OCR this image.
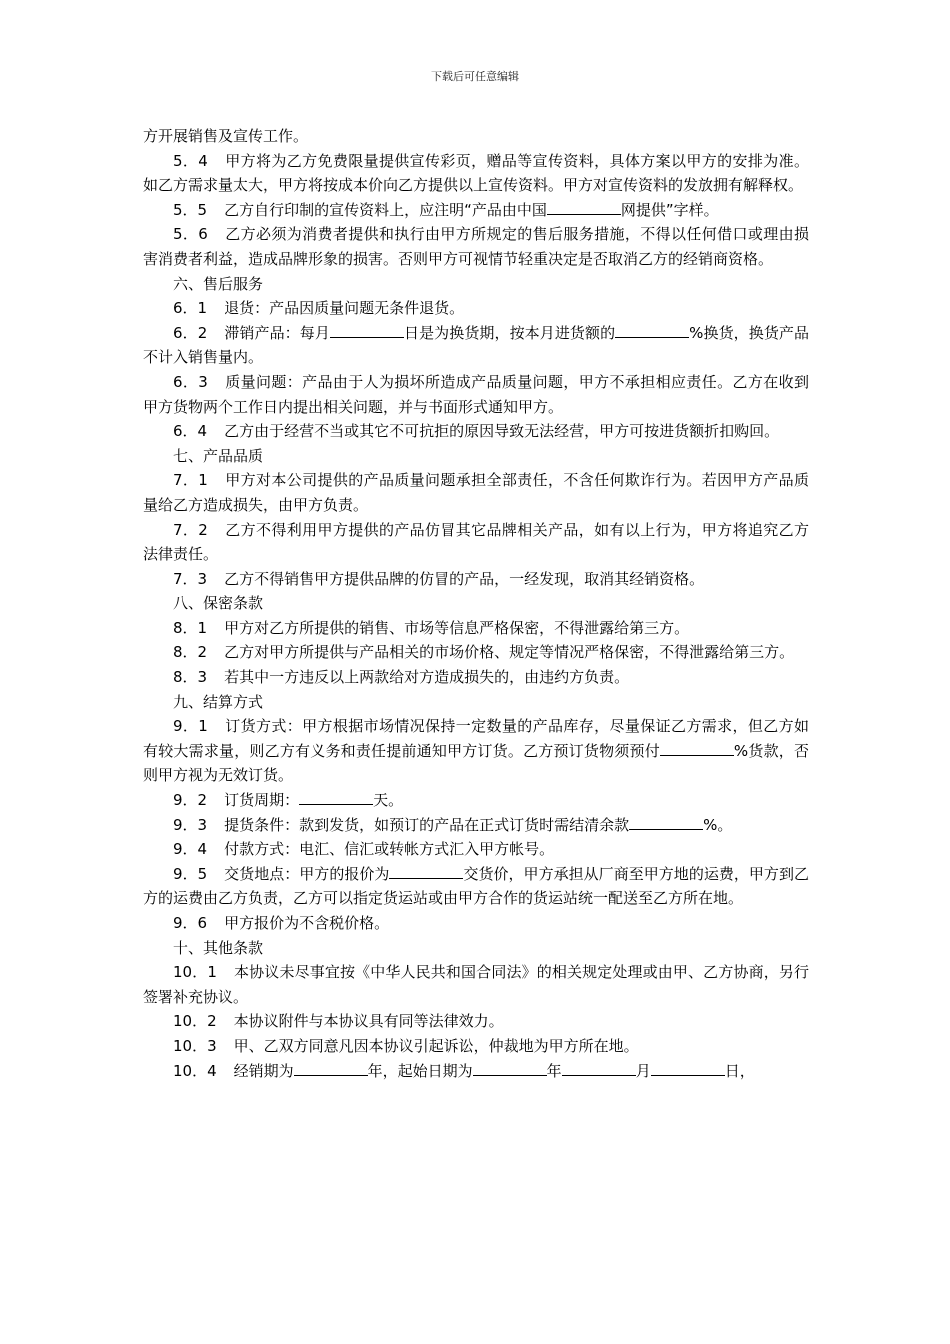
下载后可任意编辑

方开展销售及宣传工作。

5．4 甲方将为乙方免费限量提供宣传彩页，赠品等宣传资料，具体方案以甲方的安排为准。如乙方需求量太大，甲方将按成本价向乙方提供以上宣传资料。甲方对宣传资料的发放拥有解释权。

5．5 乙方自行印制的宣传资料上，应注明“产品由中国	网提供”字样。

5．6 乙方必须为消费者提供和执行由甲方所规定的售后服务措施，不得以任何借口或理由损害消费者利益，造成品牌形象的损害。否则甲方可视情节轻重决定是否取消乙方的经销商资格。

六、售后服务

6．1 退货：产品因质量问题无条件退货。

6．2 滞销产品：每月	日是为换货期，按本月进货额的	%换货，换货产品不计入销售量内。

6．3 质量问题：产品由于人为损坏所造成产品质量问题，甲方不承担相应责任。乙方在收到甲方货物两个工作日内提出相关问题，并与书面形式通知甲方。

6．4 乙方由于经营不当或其它不可抗拒的原因导致无法经营，甲方可按进货额折扣购回。

七、产品品质

7．1 甲方对本公司提供的产品质量问题承担全部责任，不含任何欺诈行为。若因甲方产品质量给乙方造成损失，由甲方负责。

7．2 乙方不得利用甲方提供的产品仿冒其它品牌相关产品，如有以上行为，甲方将追究乙方法律责任。

7．3 乙方不得销售甲方提供品牌的仿冒的产品，一经发现，取消其经销资格。

八、保密条款

8．1 甲方对乙方所提供的销售、市场等信息严格保密，不得泄露给第三方。

8．2 乙方对甲方所提供与产品相关的市场价格、规定等情况严格保密，不得泄露给第三方。

8．3 若其中一方违反以上两款给对方造成损失的，由违约方负责。

九、结算方式

9．1 订货方式：甲方根据市场情况保持一定数量的产品库存，尽量保证乙方需求，但乙方如有较大需求量，则乙方有义务和责任提前通知甲方订货。乙方预订货物须预付	%货款，否则甲方视为无效订货。

9．2 订货周期：	天。

9．3 提货条件：款到发货，如预订的产品在正式订货时需结清余款	%。

9．4 付款方式：电汇、信汇或转帐方式汇入甲方帐号。

9．5 交货地点：甲方的报价为	交货价，甲方承担从厂商至甲方地的运费，甲方到乙方的运费由乙方负责，乙方可以指定货运站或由甲方合作的货运站统一配送至乙方所在地。

9．6 甲方报价为不含税价格。

十、其他条款

10．1 本协议未尽事宜按《中华人民共和国合同法》的相关规定处理或由甲、乙方协商，另行签署补充协议。

10．2 本协议附件与本协议具有同等法律效力。

10．3 甲、乙双方同意凡因本协议引起诉讼，仲裁地为甲方所在地。

10．4 经销期为	年，起始日期为	年	月	日，
